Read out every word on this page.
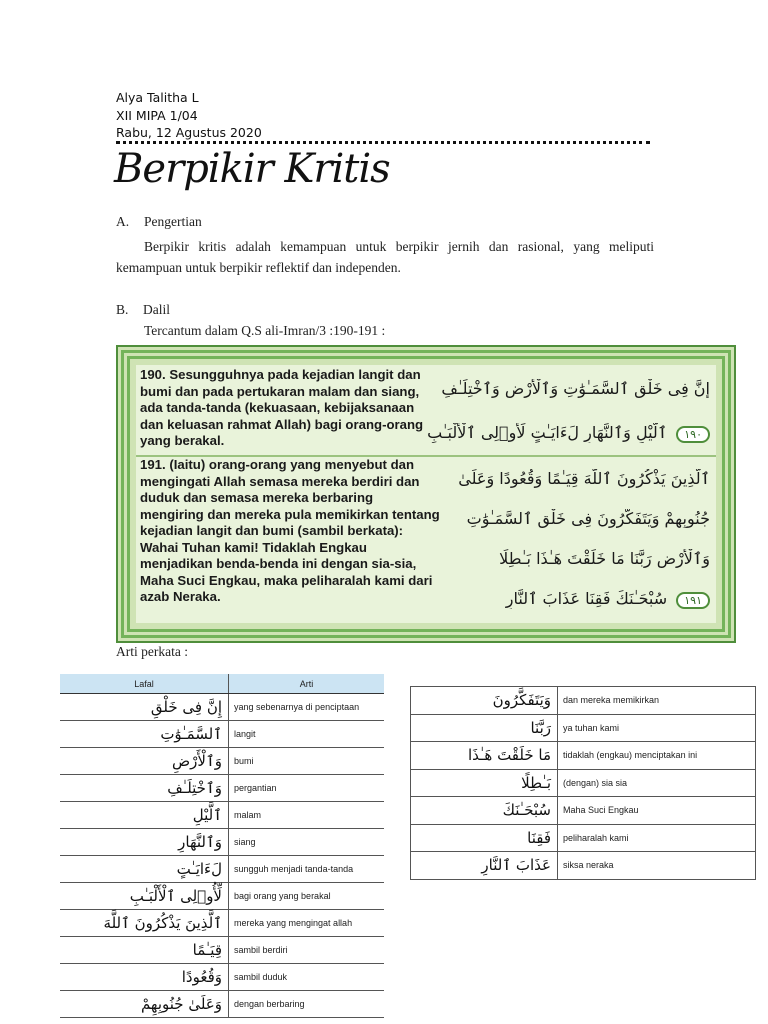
Alya Talitha L
XII MIPA 1/04
Rabu, 12 Agustus 2020
Berpikir Kritis
A. Pengertian
Berpikir kritis adalah kemampuan untuk berpikir jernih dan rasional, yang meliputi kemampuan untuk berpikir reflektif dan independen.
B. Dalil
Tercantum dalam Q.S ali-Imran/3 :190-191 :
190. Sesungguhnya pada kejadian langit dan bumi dan pada pertukaran malam dan siang, ada tanda-tanda (kekuasaan, kebijaksanaan dan keluasan rahmat Allah) bagi orang-orang yang berakal.
191. (Iaitu) orang-orang yang menyebut dan mengingati Allah semasa mereka berdiri dan duduk dan semasa mereka berbaring mengiring dan mereka pula memikirkan tentang kejadian langit dan bumi (sambil berkata): Wahai Tuhan kami! Tidaklah Engkau menjadikan benda-benda ini dengan sia-sia, Maha Suci Engkau, maka peliharalah kami dari azab Neraka.
إِنَّ فِى خَلْقِ ٱلسَّمَـٰوَٰتِ وَٱلْأَرْضِ وَٱخْتِلَـٰفِ
١٩٠ ٱلَّيْلِ وَٱلنَّهَارِ لَءَايَـٰتٍ لِّأُو۟لِى ٱلْأَلْبَـٰبِ
ٱلَّذِينَ يَذْكُرُونَ ٱللَّهَ قِيَـٰمًا وَقُعُودًا وَعَلَىٰ
جُنُوبِهِمْ وَيَتَفَكَّرُونَ فِى خَلْقِ ٱلسَّمَـٰوَٰتِ
وَٱلْأَرْضِ رَبَّنَا مَا خَلَقْتَ هَـٰذَا بَـٰطِلًا
١٩١ سُبْحَـٰنَكَ فَقِنَا عَذَابَ ٱلنَّارِ
Arti perkata :
Lafal	Arti
إِنَّ فِى خَلْقِ	yang sebenarnya di penciptaan
ٱلسَّمَـٰوَٰتِ	langit
وَٱلْأَرْضِ	bumi
وَٱخْتِلَـٰفِ	pergantian
ٱلَّيْلِ	malam
وَٱلنَّهَارِ	siang
لَءَايَـٰتٍ	sungguh menjadi tanda-tanda
لِّأُو۟لِى ٱلْأَلْبَـٰبِ	bagi orang yang berakal
ٱلَّذِينَ يَذْكُرُونَ ٱللَّهَ	mereka yang mengingat allah
قِيَـٰمًا	sambil berdiri
وَقُعُودًا	sambil duduk
وَعَلَىٰ جُنُوبِهِمْ	dengan berbaring
وَيَتَفَكَّرُونَ	dan mereka memikirkan
رَبَّنَا	ya tuhan kami
مَا خَلَقْتَ هَـٰذَا	tidaklah (engkau) menciptakan ini
بَـٰطِلًا	(dengan) sia sia
سُبْحَـٰنَكَ	Maha Suci Engkau
فَقِنَا	peliharalah kami
عَذَابَ ٱلنَّارِ	siksa neraka
